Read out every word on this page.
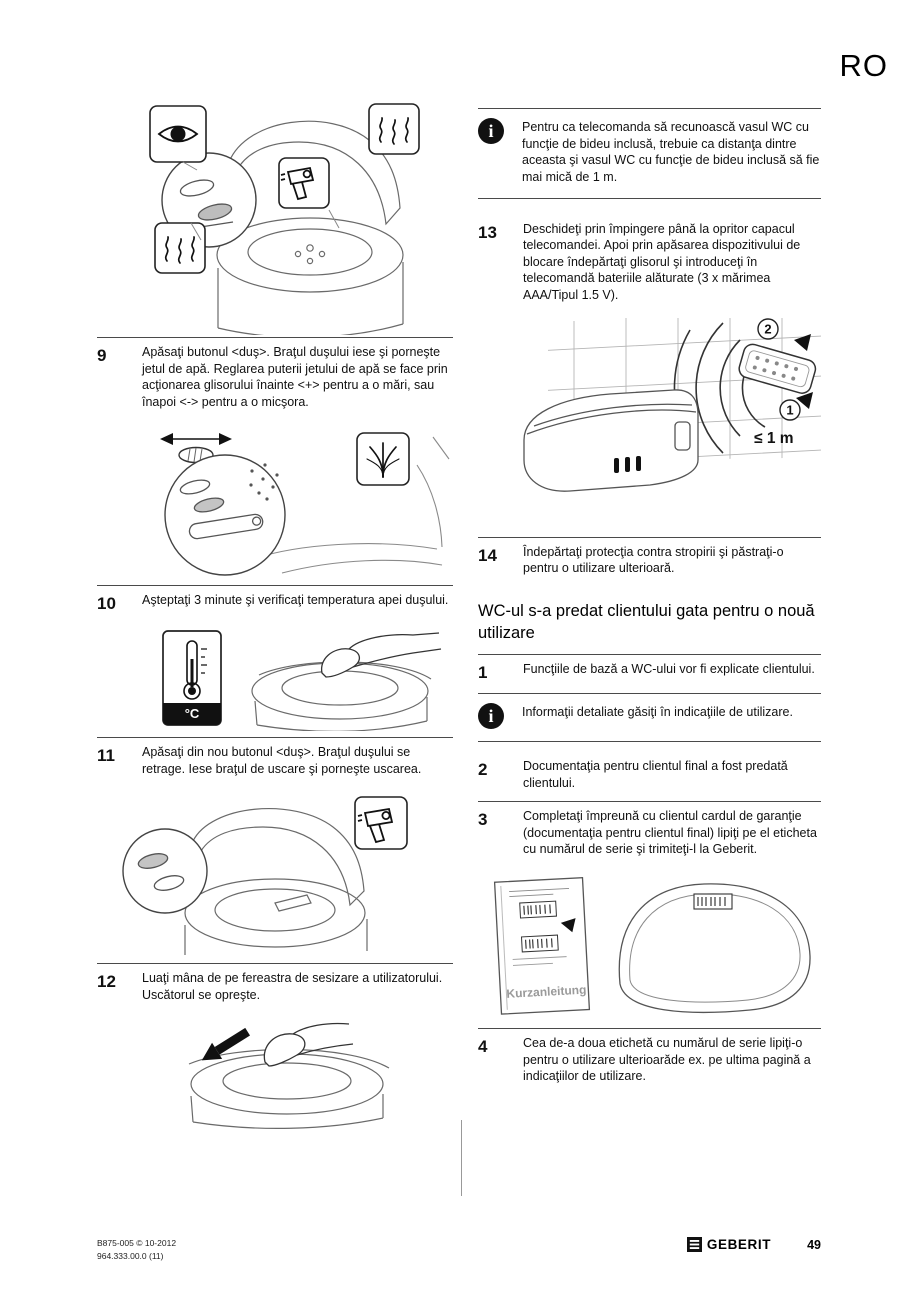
RO
9	Apăsaţi butonul <duş>. Braţul duşului iese şi porneşte jetul de apă. Reglarea puterii jetului de apă se face prin acţionarea glisorului înainte <+> pentru a o mări, sau înapoi <-> pentru a o micşora.
10	Aşteptaţi 3 minute şi verificaţi temperatura apei duşului.
°C
11	Apăsaţi din nou butonul <duş>. Braţul duşului se retrage. Iese braţul de uscare şi porneşte uscarea.
12	Luaţi mâna de pe fereastra de sesizare a utilizatorului. Uscătorul se opreşte.
i	Pentru ca telecomanda să recunoască vasul WC cu funcţie de bideu inclusă, trebuie ca distanţa dintre aceasta şi vasul WC cu funcţie de bideu inclusă să fie mai mică de 1 m.
13	Deschideţi prin împingere până la opritor capacul telecomandei. Apoi prin apăsarea dispozitivului de blocare îndepărtaţi glisorul şi introduceţi în telecomandă bateriile alăturate (3 x mărimea AAA/Tipul 1.5 V).
2
1
≤ 1 m
14	Îndepărtaţi protecţia contra stropirii şi păstraţi-o pentru o utilizare ulterioară.
WC-ul s-a predat clientului gata pentru o nouă utilizare
1	Funcţiile de bază a WC-ului vor fi explicate clientului.
i	Informaţii detaliate găsiţi în indicaţiile de utilizare.
2	Documentaţia pentru clientul final a fost predată clientului.
3	Completaţi împreună cu clientul cardul de garanţie (documentaţia pentru clientul final) lipiţi pe el eticheta cu numărul de serie şi trimiteţi-l la Geberit.
Kurzanleitung
4	Cea de-a doua etichetă cu numărul de serie lipiţi-o pentru o utilizare ulterioarăde ex. pe ultima pagină a indicaţiilor de utilizare.
B875-005 © 10-2012
964.333.00.0 (11)
GEBERIT	49
